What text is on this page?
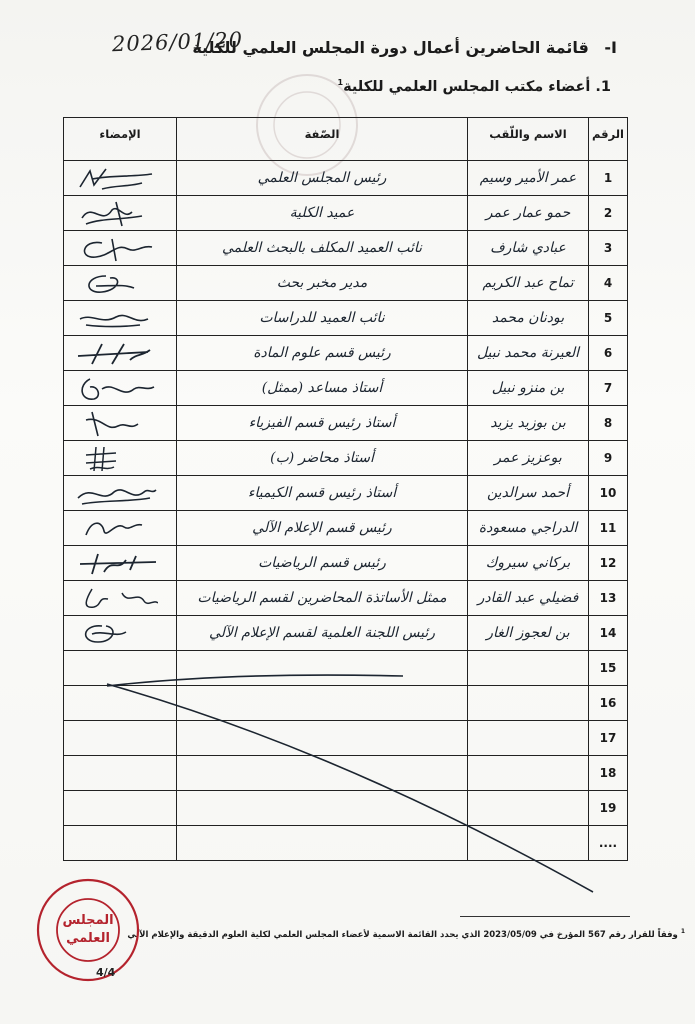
I- قائمة الحاضرين أعمال دورة المجلس العلمي للكلية
2026/01/20
1. أعضاء مكتب المجلس العلمي للكلية$^1$
الرقم	الاسم واللّقب	الصّفة	الإمضاء
1	عمر الأمير وسيم	رئيس المجلس العلمي	

2	حمو عمار عمر	عميد الكلية	

3	عبادي شارف	نائب العميد المكلف بالبحث العلمي	

4	تماح عبد الكريم	مدير مخبر بحث	

5	بودنان محمد	نائب العميد للدراسات	

6	العيرنة محمد نبيل	رئيس قسم علوم المادة	

7	بن منزو نبيل	أستاذ مساعد (ممثل)	

8	بن بوزيد يزيد	أستاذ رئيس قسم الفيزياء	

9	بوعزيز عمر	أستاذ محاضر (ب)	

10	أحمد سرالدين	أستاذ رئيس قسم الكيمياء	

11	الدراجي مسعودة	رئيس قسم الإعلام الآلي	

12	بركاني سيروك	رئيس قسم الرياضيات	

13	فضيلي عبد القادر	ممثل الأساتذة المحاضرين لقسم الرياضيات	

14	بن لعجوز الغار	رئيس اللجنة العلمية لقسم الإعلام الآلي	

15			
16			
17			
18			
19			
....			
$^1$ وفقاً للقرار رقم 567 المؤرخ في 2023/05/09 الذي يحدد القائمة الاسمية لأعضاء المجلس العلمي لكلية العلوم الدقيقة والإعلام الآلي
المجلس
العلمي
4/4
